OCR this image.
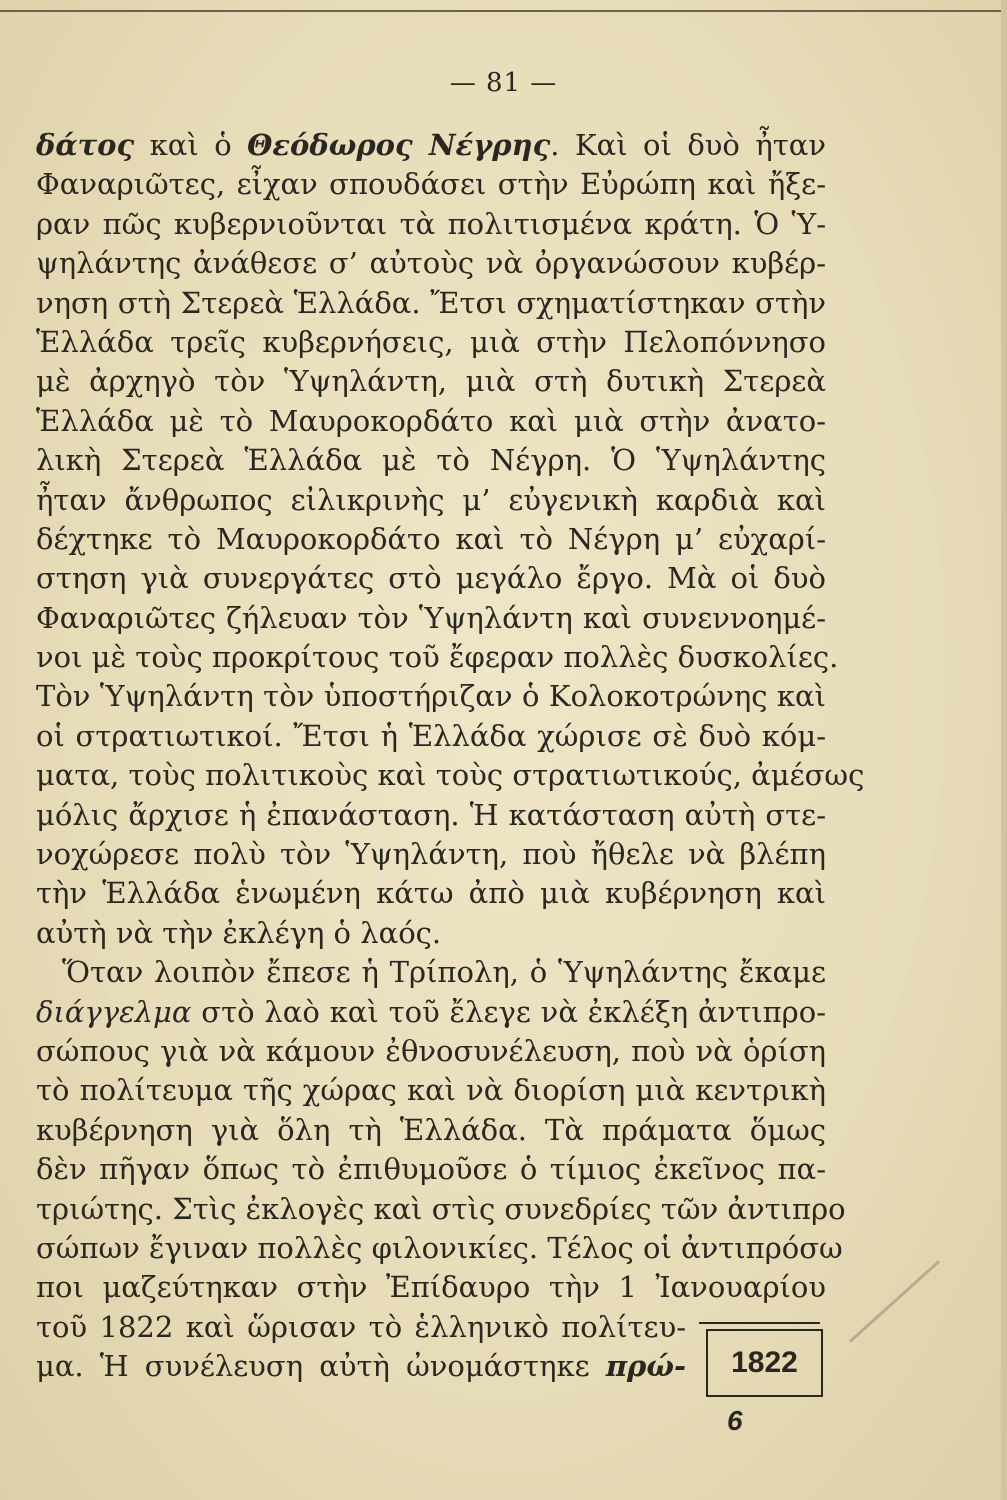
— 81 —
δάτος καὶ ὁ Θεόδωρος Νέγρης. Καὶ οἱ δυὸ ἦταν
Φαναριῶτες, εἶχαν σπουδάσει στὴν Εὐρώπη καὶ ἤξε-
ραν πῶς κυβερνιοῦνται τὰ πολιτισμένα κράτη. Ὁ Ὑ-
ψηλάντης ἀνάθεσε σ’ αὐτοὺς νὰ ὀργανώσουν κυβέρ-
νηση στὴ Στερεὰ Ἑλλάδα. Ἔτσι σχηματίστηκαν στὴν
Ἑλλάδα τρεῖς κυβερνήσεις, μιὰ στὴν Πελοπόννησο
μὲ ἀρχηγὸ τὸν Ὑψηλάντη, μιὰ στὴ δυτικὴ Στερεὰ
Ἑλλάδα μὲ τὸ Μαυροκορδάτο καὶ μιὰ στὴν ἀνατο-
λικὴ Στερεὰ Ἑλλάδα μὲ τὸ Νέγρη. Ὁ Ὑψηλάντης
ἦταν ἄνθρωπος εἰλικρινὴς μ’ εὐγενικὴ καρδιὰ καὶ
δέχτηκε τὸ Μαυροκορδάτο καὶ τὸ Νέγρη μ’ εὐχαρί-
στηση γιὰ συνεργάτες στὸ μεγάλο ἔργο. Μὰ οἱ δυὸ
Φαναριῶτες ζήλευαν τὸν Ὑψηλάντη καὶ συνεννοημέ-
νοι μὲ τοὺς προκρίτους τοῦ ἔφεραν πολλὲς δυσκολίες.
Τὸν Ὑψηλάντη τὸν ὑποστήριζαν ὁ Κολοκοτρώνης καὶ
οἱ στρατιωτικοί. Ἔτσι ἡ Ἑλλάδα χώρισε σὲ δυὸ κόμ-
ματα, τοὺς πολιτικοὺς καὶ τοὺς στρατιωτικούς, ἀμέσως
μόλις ἄρχισε ἡ ἐπανάσταση. Ἡ κατάσταση αὐτὴ στε-
νοχώρεσε πολὺ τὸν Ὑψηλάντη, ποὺ ἤθελε νὰ βλέπη
τὴν Ἑλλάδα ἑνωμένη κάτω ἀπὸ μιὰ κυβέρνηση καὶ
αὐτὴ νὰ τὴν ἐκλέγη ὁ λαός.
Ὅταν λοιπὸν ἔπεσε ἡ Τρίπολη, ὁ Ὑψηλάντης ἔκαμε
διάγγελμα στὸ λαὸ καὶ τοῦ ἔλεγε νὰ ἐκλέξη ἀντιπρο-
σώπους γιὰ νὰ κάμουν ἐθνοσυνέλευση, ποὺ νὰ ὁρίση
τὸ πολίτευμα τῆς χώρας καὶ νὰ διορίση μιὰ κεντρικὴ
κυβέρνηση γιὰ ὅλη τὴ Ἑλλάδα. Τὰ πράματα ὅμως
δὲν πῆγαν ὅπως τὸ ἐπιθυμοῦσε ὁ τίμιος ἐκεῖνος πα-
τριώτης. Στὶς ἐκλογὲς καὶ στὶς συνεδρίες τῶν ἀντιπρο
σώπων ἔγιναν πολλὲς φιλονικίες. Τέλος οἱ ἀντιπρόσω
ποι μαζεύτηκαν στὴν Ἐπίδαυρο τὴν 1 Ἰανουαρίου
τοῦ 1822 καὶ ὥρισαν τὸ ἑλληνικὸ πολίτευ-
μα. Ἡ συνέλευση αὐτὴ ὠνομάστηκε πρώ-	1822
6
